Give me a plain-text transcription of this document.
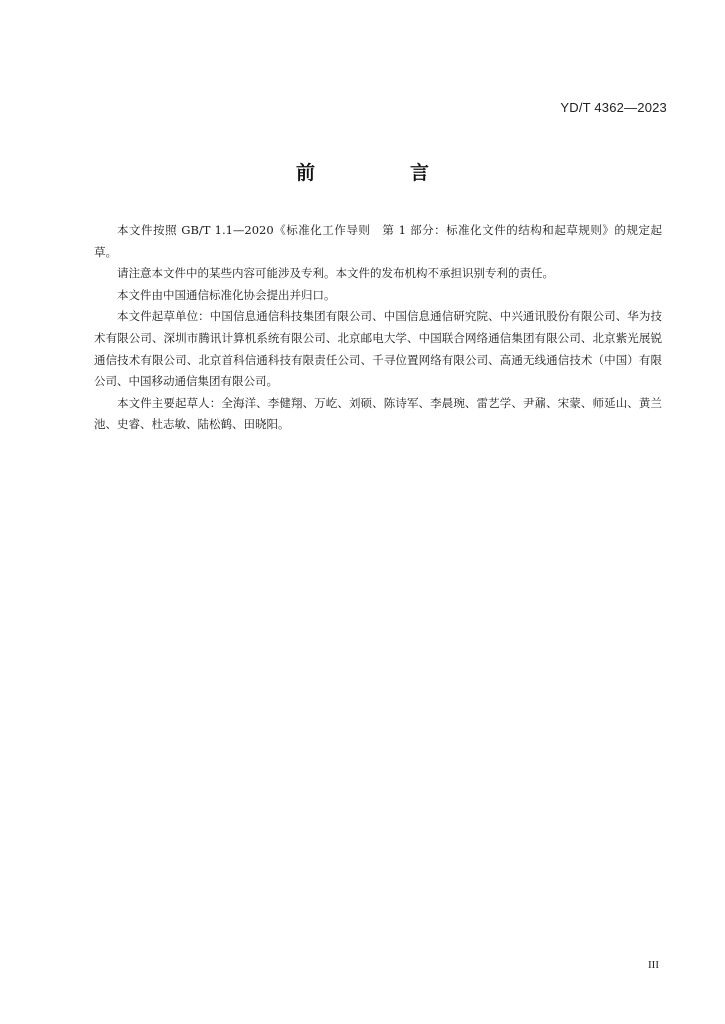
YD/T 4362—2023
前　言

本文件按照 GB/T 1.1—2020《标准化工作导则　第 1 部分：标准化文件的结构和起草规则》的规定起草。

请注意本文件中的某些内容可能涉及专利。本文件的发布机构不承担识别专利的责任。

本文件由中国通信标准化协会提出并归口。

本文件起草单位：中国信息通信科技集团有限公司、中国信息通信研究院、中兴通讯股份有限公司、华为技术有限公司、深圳市腾讯计算机系统有限公司、北京邮电大学、中国联合网络通信集团有限公司、北京紫光展锐通信技术有限公司、北京首科信通科技有限责任公司、千寻位置网络有限公司、高通无线通信技术（中国）有限公司、中国移动通信集团有限公司。

本文件主要起草人：全海洋、李健翔、万屹、刘硕、陈诗军、李晨琬、雷艺学、尹鼐、宋蒙、师延山、黄兰池、史睿、杜志敏、陆松鹤、田晓阳。

III
